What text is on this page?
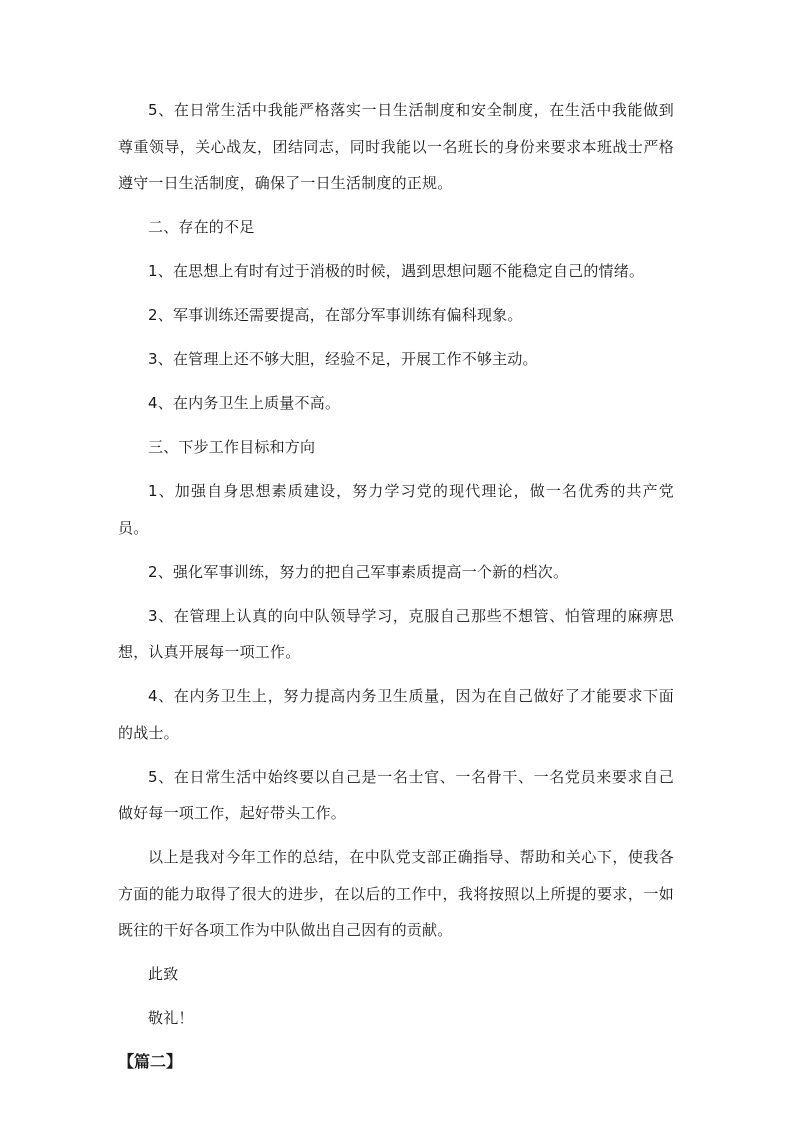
5、在日常生活中我能严格落实一日生活制度和安全制度，在生活中我能做到尊重领导，关心战友，团结同志，同时我能以一名班长的身份来要求本班战士严格遵守一日生活制度，确保了一日生活制度的正规。

二、存在的不足

1、在思想上有时有过于消极的时候，遇到思想问题不能稳定自己的情绪。

2、军事训练还需要提高，在部分军事训练有偏科现象。

3、在管理上还不够大胆，经验不足，开展工作不够主动。

4、在内务卫生上质量不高。

三、下步工作目标和方向

1、加强自身思想素质建设，努力学习党的现代理论，做一名优秀的共产党员。

2、强化军事训练，努力的把自己军事素质提高一个新的档次。

3、在管理上认真的向中队领导学习，克服自己那些不想管、怕管理的麻痹思想，认真开展每一项工作。

4、在内务卫生上，努力提高内务卫生质量，因为在自己做好了才能要求下面的战士。

5、在日常生活中始终要以自己是一名士官、一名骨干、一名党员来要求自己做好每一项工作，起好带头工作。

以上是我对今年工作的总结，在中队党支部正确指导、帮助和关心下，使我各方面的能力取得了很大的进步，在以后的工作中，我将按照以上所提的要求，一如既往的干好各项工作为中队做出自己因有的贡献。

此致

敬礼！

【篇二】
